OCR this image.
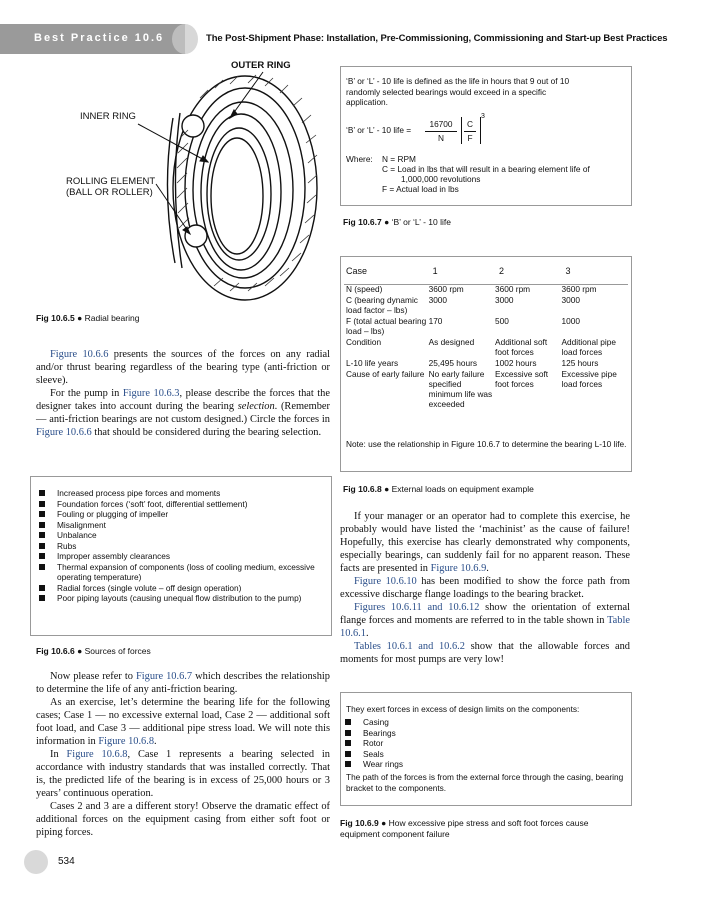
Best Practice 10.6	The Post-Shipment Phase: Installation, Pre-Commissioning, Commissioning and Start-up Best Practices
OUTER RING
INNER RING
ROLLING ELEMENT
(BALL OR ROLLER)
Fig 10.6.5 ● Radial bearing
Figure 10.6.6 presents the sources of the forces on any radial and/or thrust bearing regardless of the bearing type (anti-friction or sleeve).
For the pump in Figure 10.6.3, please describe the forces that the designer takes into account during the bearing selection. (Remember — anti-friction bearings are not custom designed.) Circle the forces in Figure 10.6.6 that should be considered during the bearing selection.
Increased process pipe forces and moments
Foundation forces (‘soft’ foot, differential settlement)
Fouling or plugging of impeller
Misalignment
Unbalance
Rubs
Improper assembly clearances
Thermal expansion of components (loss of cooling medium, excessive operating temperature)
Radial forces (single volute – off design operation)
Poor piping layouts (causing unequal flow distribution to the pump)
Fig 10.6.6 ● Sources of forces
Now please refer to Figure 10.6.7 which describes the relationship to determine the life of any anti-friction bearing.
As an exercise, let’s determine the bearing life for the following cases; Case 1 — no excessive external load, Case 2 — additional soft foot load, and Case 3 — additional pipe stress load. We will note this information in Figure 10.6.8.
In Figure 10.6.8, Case 1 represents a bearing selected in accordance with industry standards that was installed correctly. That is, the predicted life of the bearing is in excess of 25,000 hours or 3 years’ continuous operation.
Cases 2 and 3 are a different story! Observe the dramatic effect of additional forces on the equipment casing from either soft foot or piping forces.
534
‘B’ or ‘L’ - 10 life is defined as the life in hours that 9 out of 10
randomly selected bearings would exceed in a specific
application.
‘B’ or ‘L’ - 10 life =
16700
N
C
F
3
Where: N = RPM
C = Load in lbs that will result in a bearing element life of
1,000,000 revolutions
F = Actual load in lbs
Fig 10.6.7 ● ‘B’ or ‘L’ - 10 life
Case	1	2	3
N (speed)	3600 rpm	3600 rpm	3600 rpm
C (bearing dynamic load factor – lbs)	3000	3000	3000
F (total actual bearing load – lbs)	170	500	1000
Condition	As designed	Additional soft foot forces	Additional pipe load forces
L-10 life years	25,495 hours	1002 hours	125 hours
Cause of early failure	No early failure specified minimum life was exceeded	Excessive soft foot forces	Excessive pipe load forces
Note: use the relationship in Figure 10.6.7 to determine the bearing L-10 life.
Fig 10.6.8 ● External loads on equipment example
If your manager or an operator had to complete this exercise, he probably would have listed the ‘machinist’ as the cause of failure! Hopefully, this exercise has clearly demonstrated why components, especially bearings, can suddenly fail for no apparent reason. These facts are presented in Figure 10.6.9.
Figure 10.6.10 has been modified to show the force path from excessive discharge flange loadings to the bearing bracket.
Figures 10.6.11 and 10.6.12 show the orientation of external flange forces and moments are referred to in the table shown in Table 10.6.1.
Tables 10.6.1 and 10.6.2 show that the allowable forces and moments for most pumps are very low!
They exert forces in excess of design limits on the components:
Casing
Bearings
Rotor
Seals
Wear rings
The path of the forces is from the external force through the casing, bearing bracket to the components.
Fig 10.6.9 ● How excessive pipe stress and soft foot forces cause equipment component failure
